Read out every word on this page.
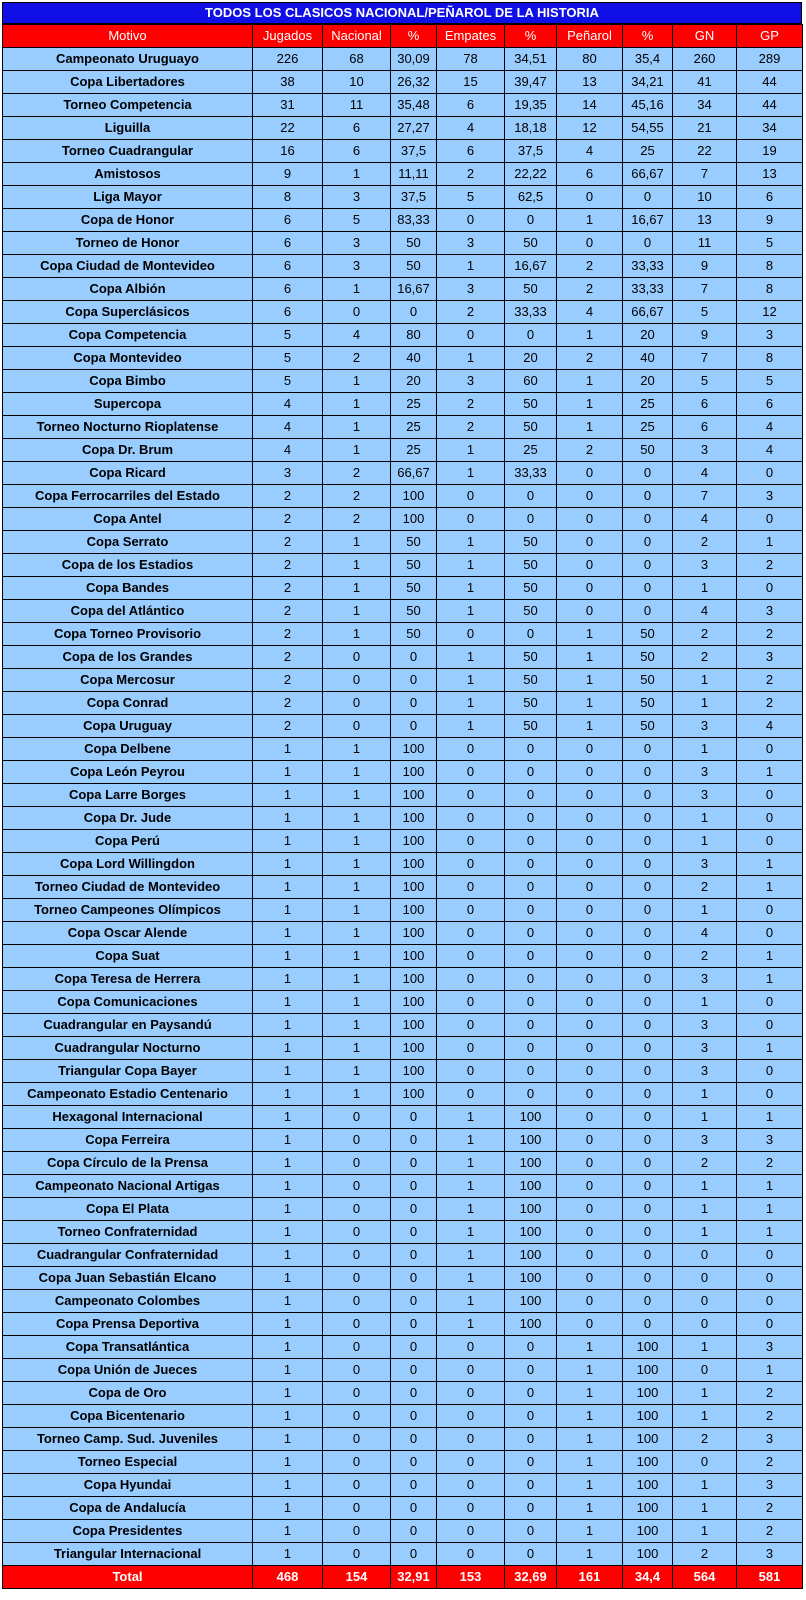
TODOS LOS CLASICOS NACIONAL/PEÑAROL DE LA HISTORIA
Motivo	Jugados	Nacional	%	Empates	%	Peñarol	%	GN	GP
Campeonato Uruguayo	226	68	30,09	78	34,51	80	35,4	260	289
Copa Libertadores	38	10	26,32	15	39,47	13	34,21	41	44
Torneo Competencia	31	11	35,48	6	19,35	14	45,16	34	44
Liguilla	22	6	27,27	4	18,18	12	54,55	21	34
Torneo Cuadrangular	16	6	37,5	6	37,5	4	25	22	19
Amistosos	9	1	11,11	2	22,22	6	66,67	7	13
Liga Mayor	8	3	37,5	5	62,5	0	0	10	6
Copa de Honor	6	5	83,33	0	0	1	16,67	13	9
Torneo de Honor	6	3	50	3	50	0	0	11	5
Copa Ciudad de Montevideo	6	3	50	1	16,67	2	33,33	9	8
Copa Albión	6	1	16,67	3	50	2	33,33	7	8
Copa Superclásicos	6	0	0	2	33,33	4	66,67	5	12
Copa Competencia	5	4	80	0	0	1	20	9	3
Copa Montevideo	5	2	40	1	20	2	40	7	8
Copa Bimbo	5	1	20	3	60	1	20	5	5
Supercopa	4	1	25	2	50	1	25	6	6
Torneo Nocturno Rioplatense	4	1	25	2	50	1	25	6	4
Copa Dr. Brum	4	1	25	1	25	2	50	3	4
Copa Ricard	3	2	66,67	1	33,33	0	0	4	0
Copa Ferrocarriles del Estado	2	2	100	0	0	0	0	7	3
Copa Antel	2	2	100	0	0	0	0	4	0
Copa Serrato	2	1	50	1	50	0	0	2	1
Copa de los Estadios	2	1	50	1	50	0	0	3	2
Copa Bandes	2	1	50	1	50	0	0	1	0
Copa del Atlántico	2	1	50	1	50	0	0	4	3
Copa Torneo Provisorio	2	1	50	0	0	1	50	2	2
Copa de los Grandes	2	0	0	1	50	1	50	2	3
Copa Mercosur	2	0	0	1	50	1	50	1	2
Copa Conrad	2	0	0	1	50	1	50	1	2
Copa Uruguay	2	0	0	1	50	1	50	3	4
Copa Delbene	1	1	100	0	0	0	0	1	0
Copa León Peyrou	1	1	100	0	0	0	0	3	1
Copa Larre Borges	1	1	100	0	0	0	0	3	0
Copa Dr. Jude	1	1	100	0	0	0	0	1	0
Copa Perú	1	1	100	0	0	0	0	1	0
Copa Lord Willingdon	1	1	100	0	0	0	0	3	1
Torneo Ciudad de Montevideo	1	1	100	0	0	0	0	2	1
Torneo Campeones Olímpicos	1	1	100	0	0	0	0	1	0
Copa Oscar Alende	1	1	100	0	0	0	0	4	0
Copa Suat	1	1	100	0	0	0	0	2	1
Copa Teresa de Herrera	1	1	100	0	0	0	0	3	1
Copa Comunicaciones	1	1	100	0	0	0	0	1	0
Cuadrangular en Paysandú	1	1	100	0	0	0	0	3	0
Cuadrangular Nocturno	1	1	100	0	0	0	0	3	1
Triangular Copa Bayer	1	1	100	0	0	0	0	3	0
Campeonato Estadio Centenario	1	1	100	0	0	0	0	1	0
Hexagonal Internacional	1	0	0	1	100	0	0	1	1
Copa Ferreira	1	0	0	1	100	0	0	3	3
Copa Círculo de la Prensa	1	0	0	1	100	0	0	2	2
Campeonato Nacional Artigas	1	0	0	1	100	0	0	1	1
Copa El Plata	1	0	0	1	100	0	0	1	1
Torneo Confraternidad	1	0	0	1	100	0	0	1	1
Cuadrangular Confraternidad	1	0	0	1	100	0	0	0	0
Copa Juan Sebastián Elcano	1	0	0	1	100	0	0	0	0
Campeonato Colombes	1	0	0	1	100	0	0	0	0
Copa Prensa Deportiva	1	0	0	1	100	0	0	0	0
Copa Transatlántica	1	0	0	0	0	1	100	1	3
Copa Unión de Jueces	1	0	0	0	0	1	100	0	1
Copa de Oro	1	0	0	0	0	1	100	1	2
Copa Bicentenario	1	0	0	0	0	1	100	1	2
Torneo Camp. Sud. Juveniles	1	0	0	0	0	1	100	2	3
Torneo Especial	1	0	0	0	0	1	100	0	2
Copa Hyundai	1	0	0	0	0	1	100	1	3
Copa de Andalucía	1	0	0	0	0	1	100	1	2
Copa Presidentes	1	0	0	0	0	1	100	1	2
Triangular Internacional	1	0	0	0	0	1	100	2	3
Total	468	154	32,91	153	32,69	161	34,4	564	581
